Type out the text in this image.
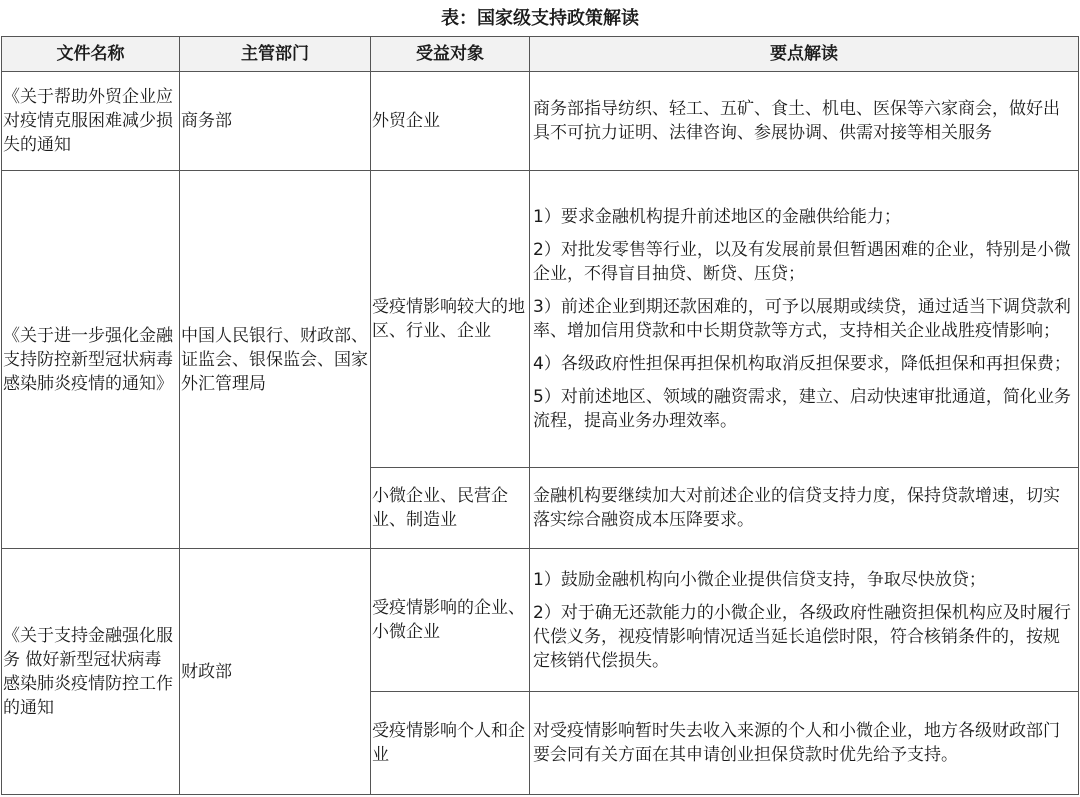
表：国家级支持政策解读
文件名称	主管部门	受益对象	要点解读
《关于帮助外贸企业应对疫情克服困难减少损失的通知	商务部	外贸企业	商务部指导纺织、轻工、五矿、食土、机电、医保等六家商会，做好出具不可抗力证明、法律咨询、参展协调、供需对接等相关服务
《关于进一步强化金融支持防控新型冠状病毒感染肺炎疫情的通知》	中国人民银行、财政部、证监会、银保监会、国家外汇管理局	受疫情影响较大的地区、行业、企业	1）要求金融机构提升前述地区的金融供给能力；

2）对批发零售等行业，以及有发展前景但暂遇困难的企业，特别是小微企业，不得盲目抽贷、断贷、压贷；

3）前述企业到期还款困难的，可予以展期或续贷，通过适当下调贷款利率、增加信用贷款和中长期贷款等方式，支持相关企业战胜疫情影响；

4）各级政府性担保再担保机构取消反担保要求，降低担保和再担保费；

5）对前述地区、领域的融资需求，建立、启动快速审批通道，简化业务流程，提高业务办理效率。

		小微企业、民营企业、制造业	金融机构要继续加大对前述企业的信贷支持力度，保持贷款增速，切实落实综合融资成本压降要求。
《关于支持金融强化服务 做好新型冠状病毒感染肺炎疫情防控工作的通知	财政部	受疫情影响的企业、小微企业	1）鼓励金融机构向小微企业提供信贷支持，争取尽快放贷；

2）对于确无还款能力的小微企业，各级政府性融资担保机构应及时履行代偿义务，视疫情影响情况适当延长追偿时限，符合核销条件的，按规定核销代偿损失。

		受疫情影响个人和企业	对受疫情影响暂时失去收入来源的个人和小微企业，地方各级财政部门要会同有关方面在其申请创业担保贷款时优先给予支持。
